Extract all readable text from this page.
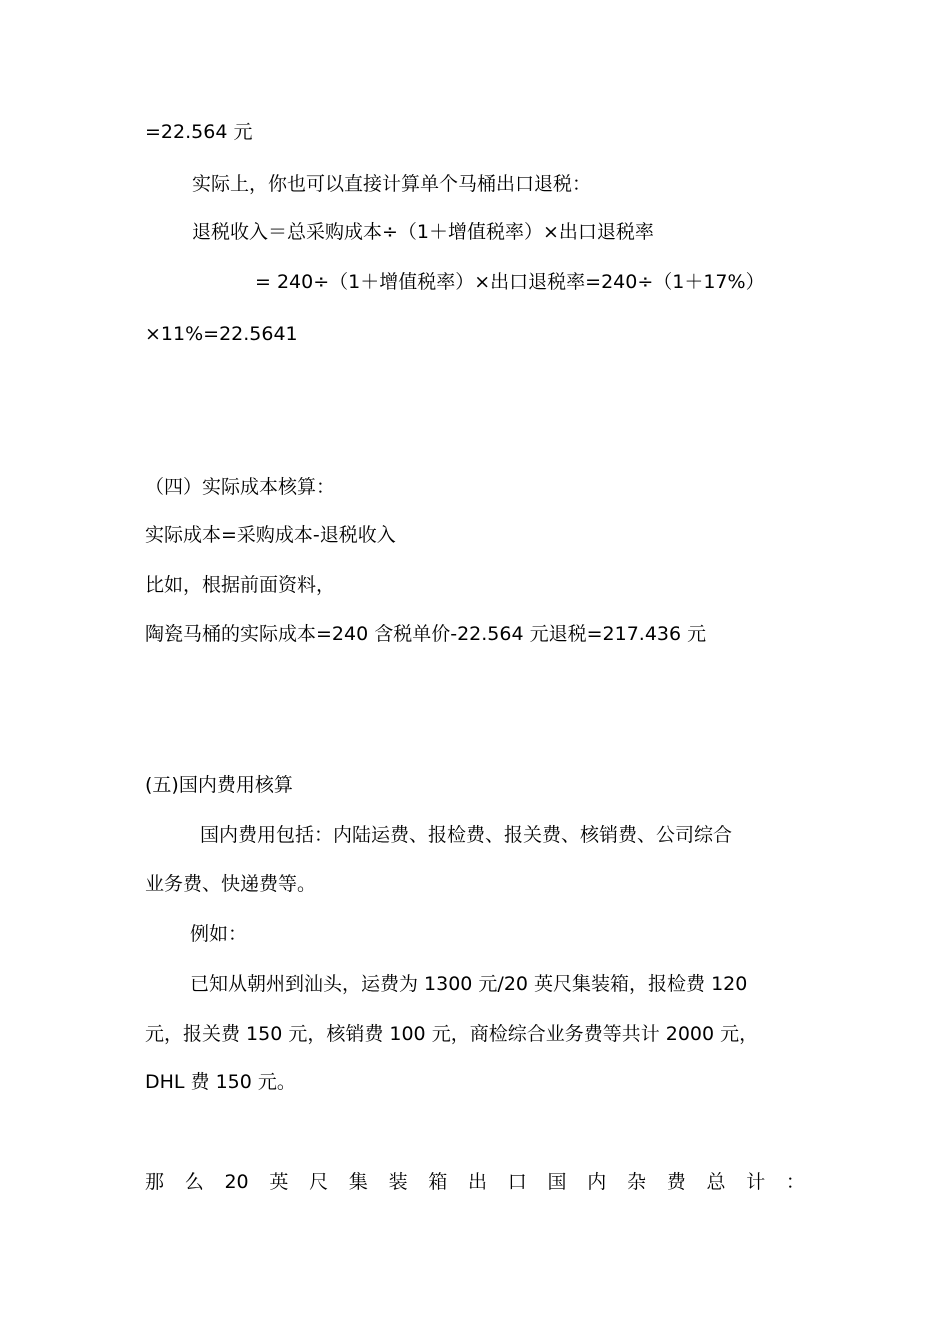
=22.564 元
实际上，你也可以直接计算单个马桶出口退税：
退税收入＝总采购成本÷（1＋增值税率）×出口退税率
= 240÷（1＋增值税率）×出口退税率=240÷（1＋17%）
×11%=22.5641
（四）实际成本核算：
实际成本=采购成本-退税收入
比如，根据前面资料，
陶瓷马桶的实际成本=240 含税单价-22.564 元退税=217.436 元
(五)国内费用核算
国内费用包括：内陆运费、报检费、报关费、核销费、公司综合
业务费、快递费等。
例如：
已知从朝州到汕头，运费为 1300 元/20 英尺集装箱，报检费 120
元，报关费 150 元，核销费 100 元，商检综合业务费等共计 2000 元，
DHL 费 150 元。
那 么 20 英 尺 集 装 箱 出 口 国 内 杂 费 总 计 ：
